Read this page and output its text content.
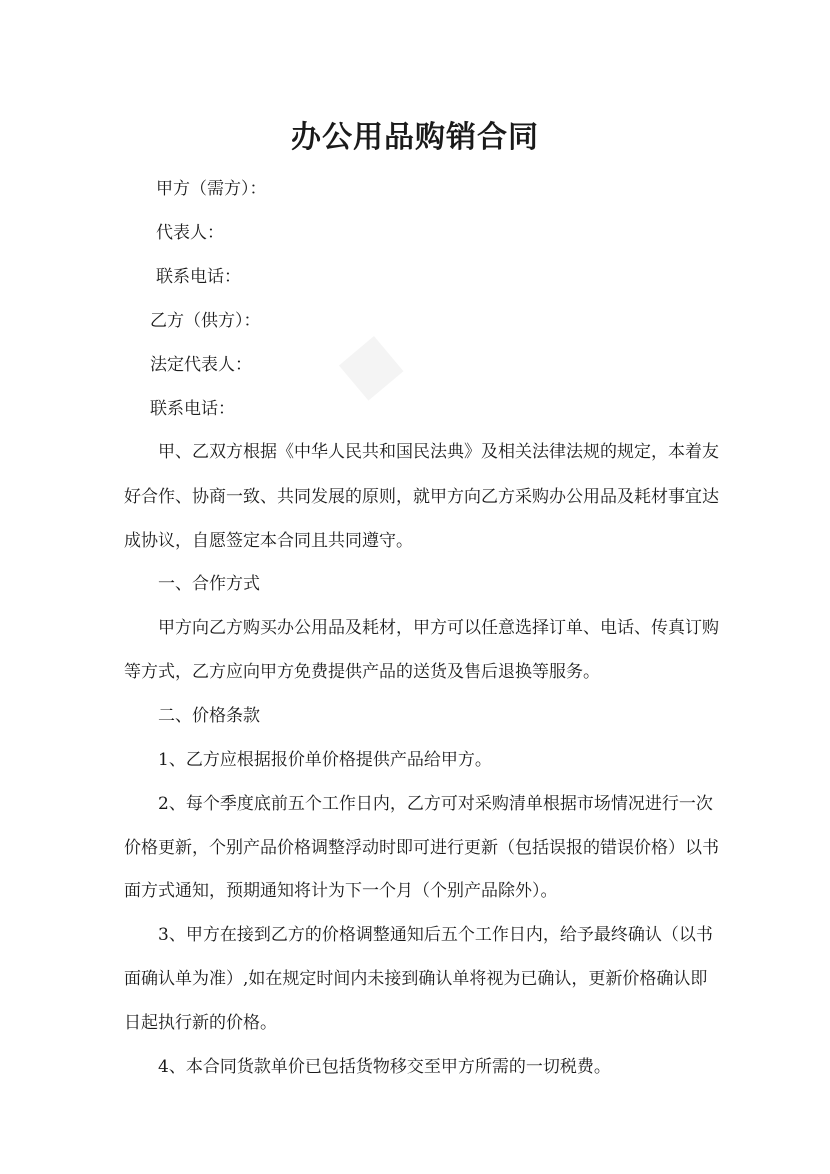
办公用品购销合同
甲方（需方）：
代表人：
联系电话：
乙方（供方）：
法定代表人：
联系电话：
甲、乙双方根据《中华人民共和国民法典》及相关法律法规的规定，本着友
好合作、协商一致、共同发展的原则，就甲方向乙方采购办公用品及耗材事宜达
成协议，自愿签定本合同且共同遵守。
一、合作方式
甲方向乙方购买办公用品及耗材，甲方可以任意选择订单、电话、传真订购
等方式，乙方应向甲方免费提供产品的送货及售后退换等服务。
二、价格条款
1、乙方应根据报价单价格提供产品给甲方。
2、每个季度底前五个工作日内，乙方可对采购清单根据市场情况进行一次
价格更新，个别产品价格调整浮动时即可进行更新（包括误报的错误价格）以书
面方式通知，预期通知将计为下一个月（个别产品除外）。
3、甲方在接到乙方的价格调整通知后五个工作日内，给予最终确认（以书
面确认单为准）,如在规定时间内未接到确认单将视为已确认，更新价格确认即
日起执行新的价格。
4、本合同货款单价已包括货物移交至甲方所需的一切税费。
